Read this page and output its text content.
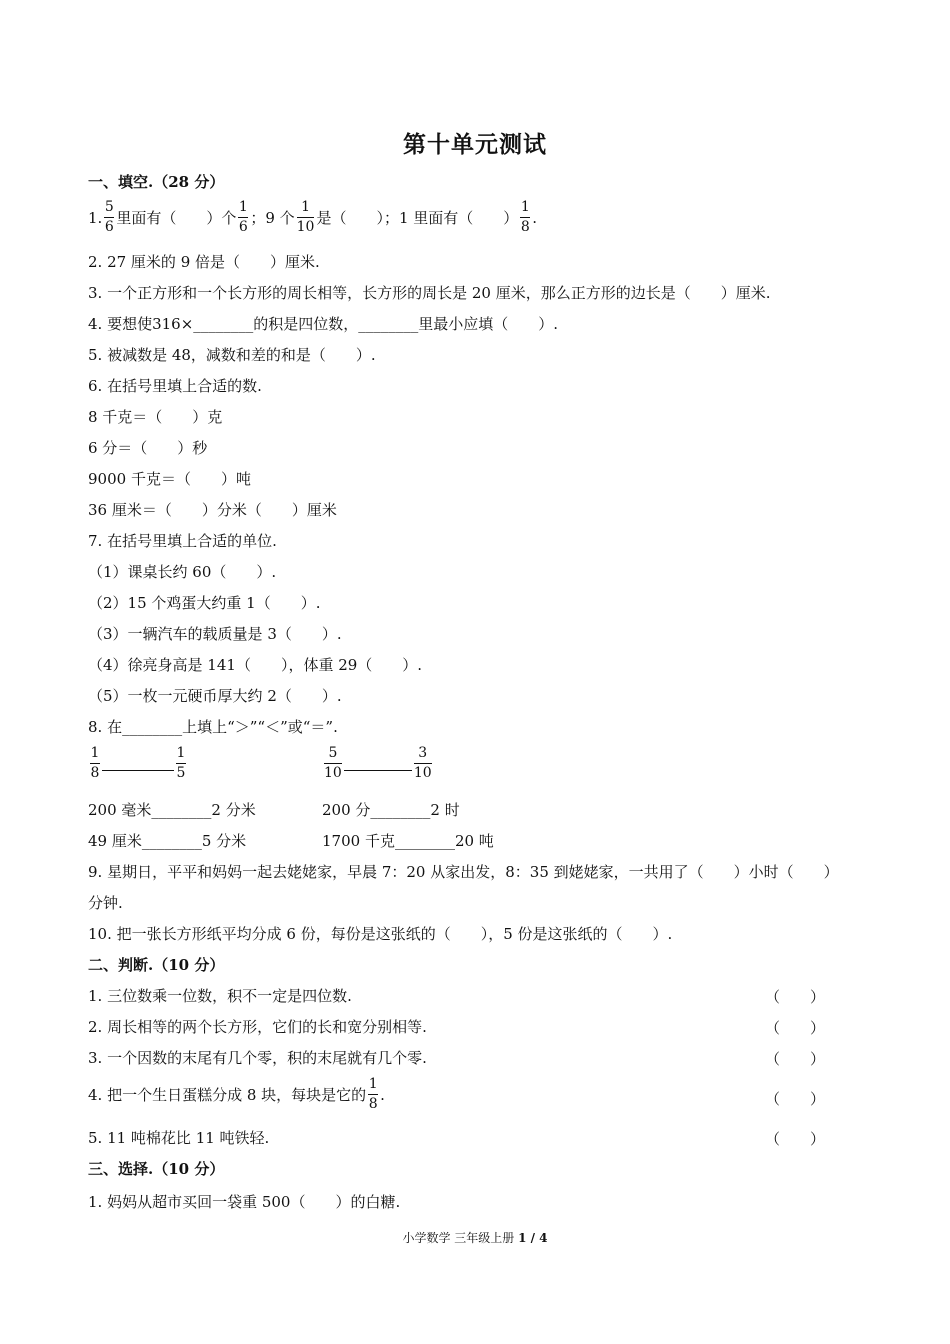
第十单元测试
一、填空.（28 分）
1. $\frac{5}{6}$ 里面有（　　）个 $\frac{1}{6}$ ；9 个 $\frac{1}{10}$ 是（　　）；1 里面有（　　） $\frac{1}{8}$ .
2. 27 厘米的 9 倍是（　　）厘米.
3. 一个正方形和一个长方形的周长相等，长方形的周长是 20 厘米，那么正方形的边长是（　　）厘米.
4. 要想使316×________的积是四位数，________里最小应填（　　）.
5. 被减数是 48，减数和差的和是（　　）.
6. 在括号里填上合适的数.
8 千克＝（　　）克
6 分＝（　　）秒
9000 千克＝（　　）吨
36 厘米＝（　　）分米（　　）厘米
7. 在括号里填上合适的单位.
（1）课桌长约 60（　　）.
（2）15 个鸡蛋大约重 1（　　）.
（3）一辆汽车的载质量是 3（　　）.
（4）徐亮身高是 141（　　），体重 29（　　）.
（5）一枚一元硬币厚大约 2（　　）.
8. 在________上填上“＞”“＜”或“＝”.
$\frac{1}{8}$	$\frac{1}{5}$	$\frac{5}{10}$	$\frac{3}{10}$
200 毫米________2 分米	200 分________2 时
49 厘米________5 分米	1700 千克________20 吨
9. 星期日，平平和妈妈一起去姥姥家，早晨 7：20 从家出发，8：35 到姥姥家，一共用了（　　）小时（　　）
分钟.
10. 把一张长方形纸平均分成 6 份，每份是这张纸的（　　），5 份是这张纸的（　　）.
二、判断.（10 分）
1. 三位数乘一位数，积不一定是四位数.	（　　）
2. 周长相等的两个长方形，它们的长和宽分别相等.	（　　）
3. 一个因数的末尾有几个零，积的末尾就有几个零.	（　　）
4. 把一个生日蛋糕分成 8 块，每块是它的 $\frac{1}{8}$ .	（　　）
5. 11 吨棉花比 11 吨铁轻.	（　　）
三、选择.（10 分）
1. 妈妈从超市买回一袋重 500（　　）的白糖.
小学数学 三年级上册 1 / 4
